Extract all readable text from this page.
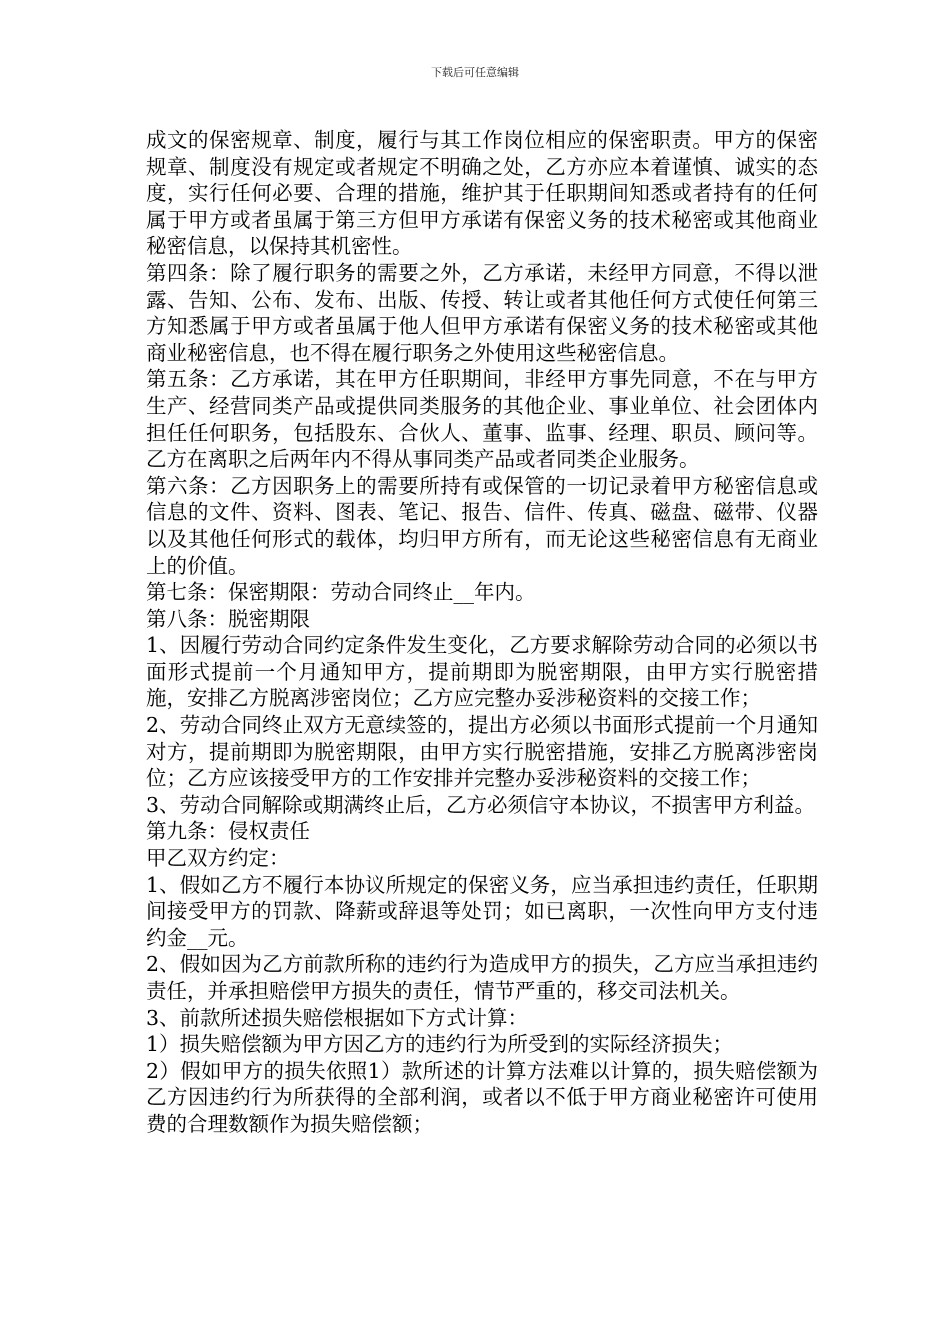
下载后可任意编辑

成文的保密规章、制度，履行与其工作岗位相应的保密职责。甲方的保密规章、制度没有规定或者规定不明确之处，乙方亦应本着谨慎、诚实的态度，实行任何必要、合理的措施，维护其于任职期间知悉或者持有的任何属于甲方或者虽属于第三方但甲方承诺有保密义务的技术秘密或其他商业秘密信息，以保持其机密性。

第四条：除了履行职务的需要之外，乙方承诺，未经甲方同意，不得以泄露、告知、公布、发布、出版、传授、转让或者其他任何方式使任何第三方知悉属于甲方或者虽属于他人但甲方承诺有保密义务的技术秘密或其他商业秘密信息，也不得在履行职务之外使用这些秘密信息。

第五条：乙方承诺，其在甲方任职期间，非经甲方事先同意，不在与甲方生产、经营同类产品或提供同类服务的其他企业、事业单位、社会团体内担任任何职务，包括股东、合伙人、董事、监事、经理、职员、顾问等。乙方在离职之后两年内不得从事同类产品或者同类企业服务。

第六条：乙方因职务上的需要所持有或保管的一切记录着甲方秘密信息或信息的文件、资料、图表、笔记、报告、信件、传真、磁盘、磁带、仪器以及其他任何形式的载体，均归甲方所有，而无论这些秘密信息有无商业上的价值。

第七条：保密期限：劳动合同终止__年内。

第八条：脱密期限

1、因履行劳动合同约定条件发生变化，乙方要求解除劳动合同的必须以书面形式提前一个月通知甲方，提前期即为脱密期限，由甲方实行脱密措施，安排乙方脱离涉密岗位；乙方应完整办妥涉秘资料的交接工作；

2、劳动合同终止双方无意续签的，提出方必须以书面形式提前一个月通知对方，提前期即为脱密期限，由甲方实行脱密措施，安排乙方脱离涉密岗位；乙方应该接受甲方的工作安排并完整办妥涉秘资料的交接工作；

3、劳动合同解除或期满终止后，乙方必须信守本协议，不损害甲方利益。

第九条：侵权责任

甲乙双方约定：

1、假如乙方不履行本协议所规定的保密义务，应当承担违约责任，任职期间接受甲方的罚款、降薪或辞退等处罚；如已离职，一次性向甲方支付违约金__元。

2、假如因为乙方前款所称的违约行为造成甲方的损失，乙方应当承担违约责任，并承担赔偿甲方损失的责任，情节严重的，移交司法机关。

3、前款所述损失赔偿根据如下方式计算：

1）损失赔偿额为甲方因乙方的违约行为所受到的实际经济损失；

2）假如甲方的损失依照1）款所述的计算方法难以计算的，损失赔偿额为乙方因违约行为所获得的全部利润，或者以不低于甲方商业秘密许可使用费的合理数额作为损失赔偿额；
